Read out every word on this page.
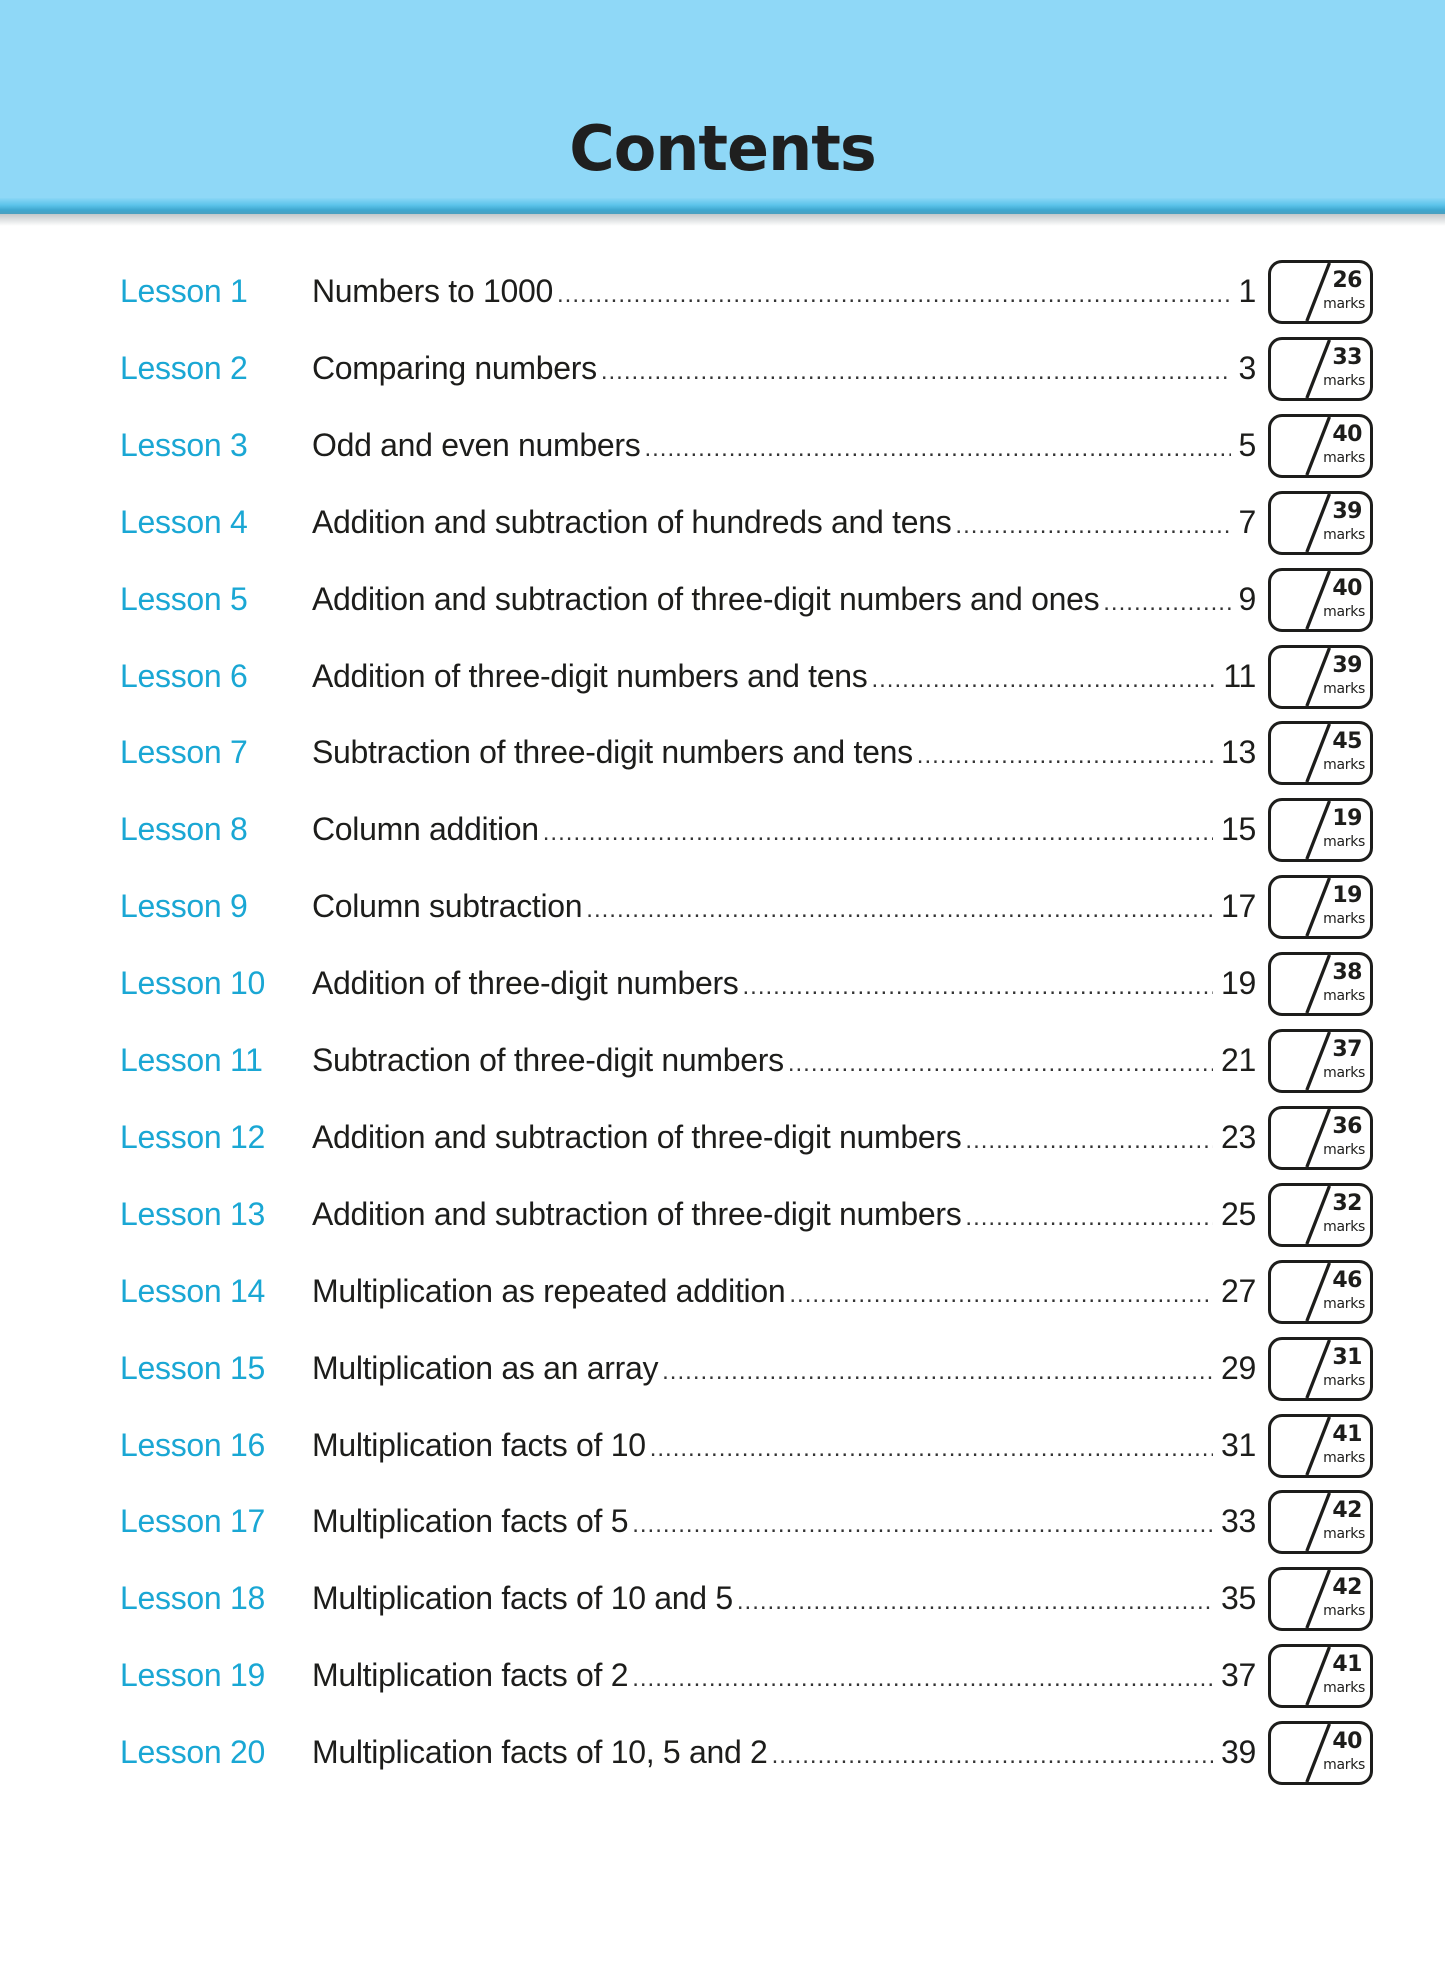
Contents
Lesson 1 Numbers to 1000 .....	1	26
marks
Lesson 2 Comparing numbers .....	3	33
marks
Lesson 3 Odd and even numbers .....	5	40
marks
Lesson 4 Addition and subtraction of hundreds and tens .....	7	39
marks
Lesson 5 Addition and subtraction of three-digit numbers and ones .....	9	40
marks
Lesson 6 Addition of three-digit numbers and tens .....	11	39
marks
Lesson 7 Subtraction of three-digit numbers and tens .....	13	45
marks
Lesson 8 Column addition .....	15	19
marks
Lesson 9 Column subtraction .....	17	19
marks
Lesson 10 Addition of three-digit numbers .....	19	38
marks
Lesson 11 Subtraction of three-digit numbers .....	21	37
marks
Lesson 12 Addition and subtraction of three-digit numbers .....	23	36
marks
Lesson 13 Addition and subtraction of three-digit numbers .....	25	32
marks
Lesson 14 Multiplication as repeated addition .....	27	46
marks
Lesson 15 Multiplication as an array .....	29	31
marks
Lesson 16 Multiplication facts of 10 .....	31	41
marks
Lesson 17 Multiplication facts of 5 .....	33	42
marks
Lesson 18 Multiplication facts of 10 and 5 .....	35	42
marks
Lesson 19 Multiplication facts of 2 .....	37	41
marks
Lesson 20 Multiplication facts of 10, 5 and 2 .....	39	40
marks
